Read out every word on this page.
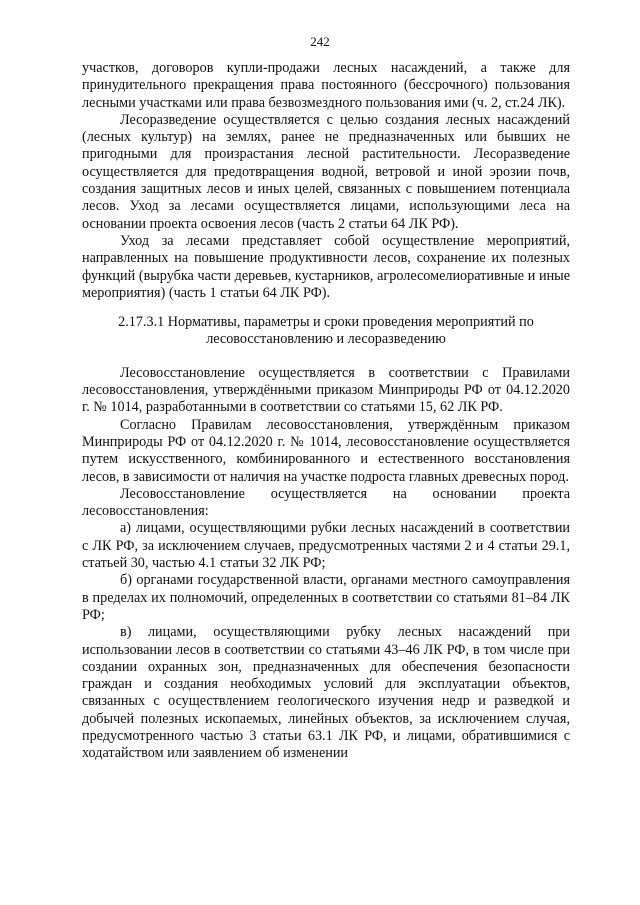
242

участков, договоров купли-продажи лесных насаждений, а также для принудительного прекращения права постоянного (бессрочного) пользования лесными участками или права безвозмездного пользования ими (ч. 2, ст.24 ЛК).

Лесоразведение осуществляется с целью создания лесных насаждений (лесных культур) на землях, ранее не предназначенных или бывших не пригодными для произрастания лесной растительности. Лесоразведение осуществляется для предотвращения водной, ветровой и иной эрозии почв, создания защитных лесов и иных целей, связанных с повышением потенциала лесов. Уход за лесами осуществляется лицами, использующими леса на основании проекта освоения лесов (часть 2 статьи 64 ЛК РФ).

Уход за лесами представляет собой осуществление мероприятий, направленных на повышение продуктивности лесов, сохранение их полезных функций (вырубка части деревьев, кустарников, агролесомелиоративные и иные мероприятия) (часть 1 статьи 64 ЛК РФ).

2.17.3.1 Нормативы, параметры и сроки проведения мероприятий по лесовосстановлению и лесоразведению

Лесовосстановление осуществляется в соответствии с Правилами лесовосстановления, утверждёнными приказом Минприроды РФ от 04.12.2020 г. № 1014, разработанными в соответствии со статьями 15, 62 ЛК РФ.

Согласно Правилам лесовосстановления, утверждённым приказом Минприроды РФ от 04.12.2020 г. № 1014, лесовосстановление осуществляется путем искусственного, комбинированного и естественного восстановления лесов, в зависимости от наличия на участке подроста главных древесных пород.

Лесовосстановление осуществляется на основании проекта лесовосстановления:

а) лицами, осуществляющими рубки лесных насаждений в соответствии с ЛК РФ, за исключением случаев, предусмотренных частями 2 и 4 статьи 29.1, статьей 30, частью 4.1 статьи 32 ЛК РФ;

б) органами государственной власти, органами местного самоуправления в пределах их полномочий, определенных в соответствии со статьями 81–84 ЛК РФ;

в) лицами, осуществляющими рубку лесных насаждений при использовании лесов в соответствии со статьями 43–46 ЛК РФ, в том числе при создании охранных зон, предназначенных для обеспечения безопасности граждан и создания необходимых условий для эксплуатации объектов, связанных с осуществлением геологического изучения недр и разведкой и добычей полезных ископаемых, линейных объектов, за исключением случая, предусмотренного частью 3 статьи 63.1 ЛК РФ, и лицами, обратившимися с ходатайством или заявлением об изменении
